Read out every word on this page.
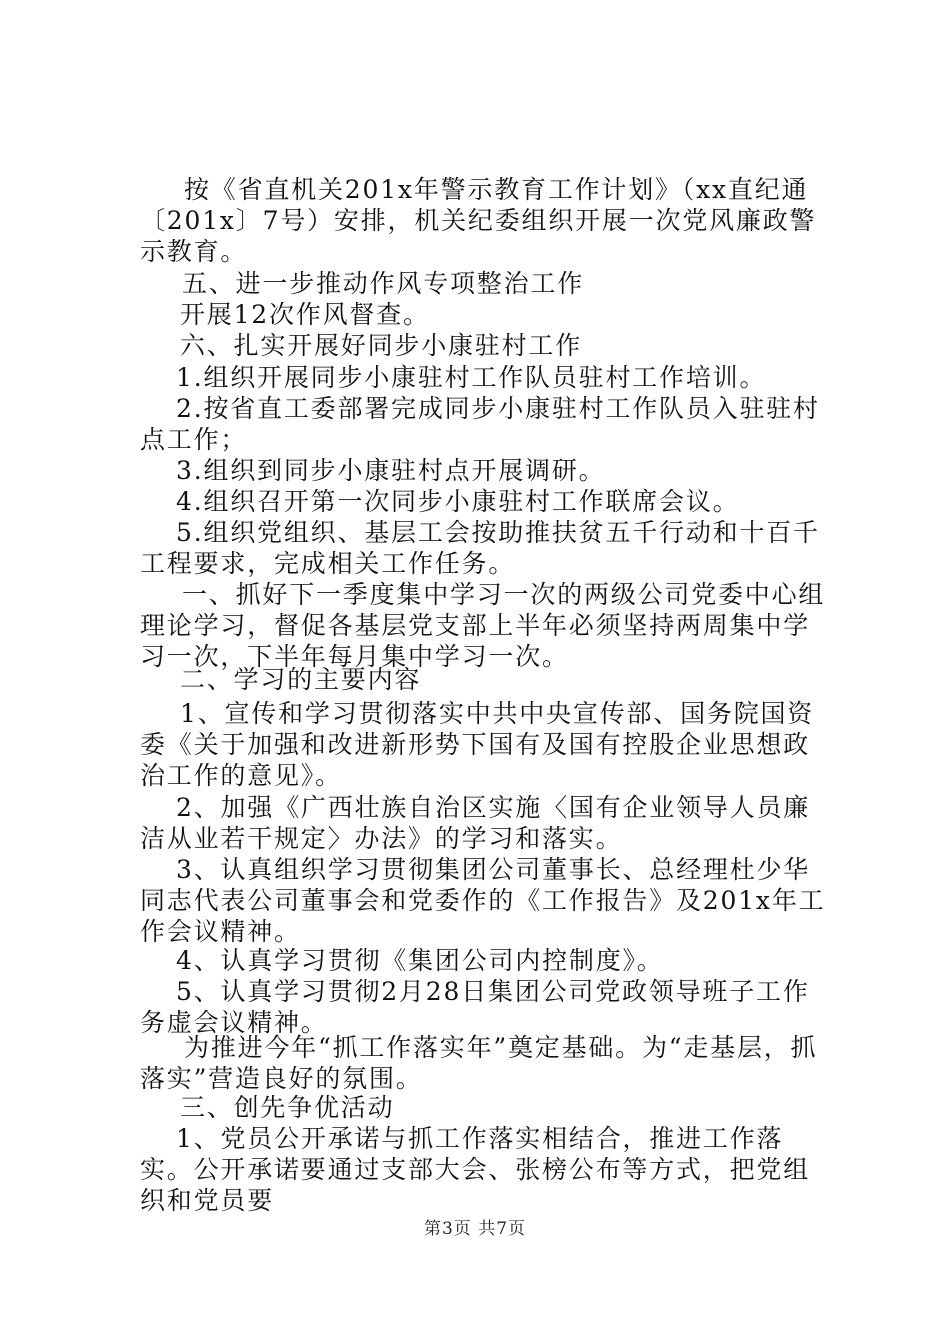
按《省直机关201x年警示教育工作计划》（xx直纪通〔201x〕7号）安排，机关纪委组织开展一次党风廉政警示教育。
五、进一步推动作风专项整治工作
开展12次作风督查。
六、扎实开展好同步小康驻村工作
1.组织开展同步小康驻村工作队员驻村工作培训。
2.按省直工委部署完成同步小康驻村工作队员入驻驻村点工作；
3.组织到同步小康驻村点开展调研。
4.组织召开第一次同步小康驻村工作联席会议。
5.组织党组织、基层工会按助推扶贫五千行动和十百千工程要求，完成相关工作任务。
一、抓好下一季度集中学习一次的两级公司党委中心组理论学习，督促各基层党支部上半年必须坚持两周集中学习一次，下半年每月集中学习一次。
二、学习的主要内容
1、宣传和学习贯彻落实中共中央宣传部、国务院国资委《关于加强和改进新形势下国有及国有控股企业思想政治工作的意见》。
2、加强《广西壮族自治区实施〈国有企业领导人员廉洁从业若干规定〉办法》的学习和落实。
3、认真组织学习贯彻集团公司董事长、总经理杜少华同志代表公司董事会和党委作的《工作报告》及201x年工作会议精神。
4、认真学习贯彻《集团公司内控制度》。
5、认真学习贯彻2月28日集团公司党政领导班子工作务虚会议精神。
为推进今年“抓工作落实年”奠定基础。为“走基层，抓落实”营造良好的氛围。
三、创先争优活动
1、党员公开承诺与抓工作落实相结合，推进工作落实。公开承诺要通过支部大会、张榜公布等方式，把党组织和党员要
第3页 共7页
